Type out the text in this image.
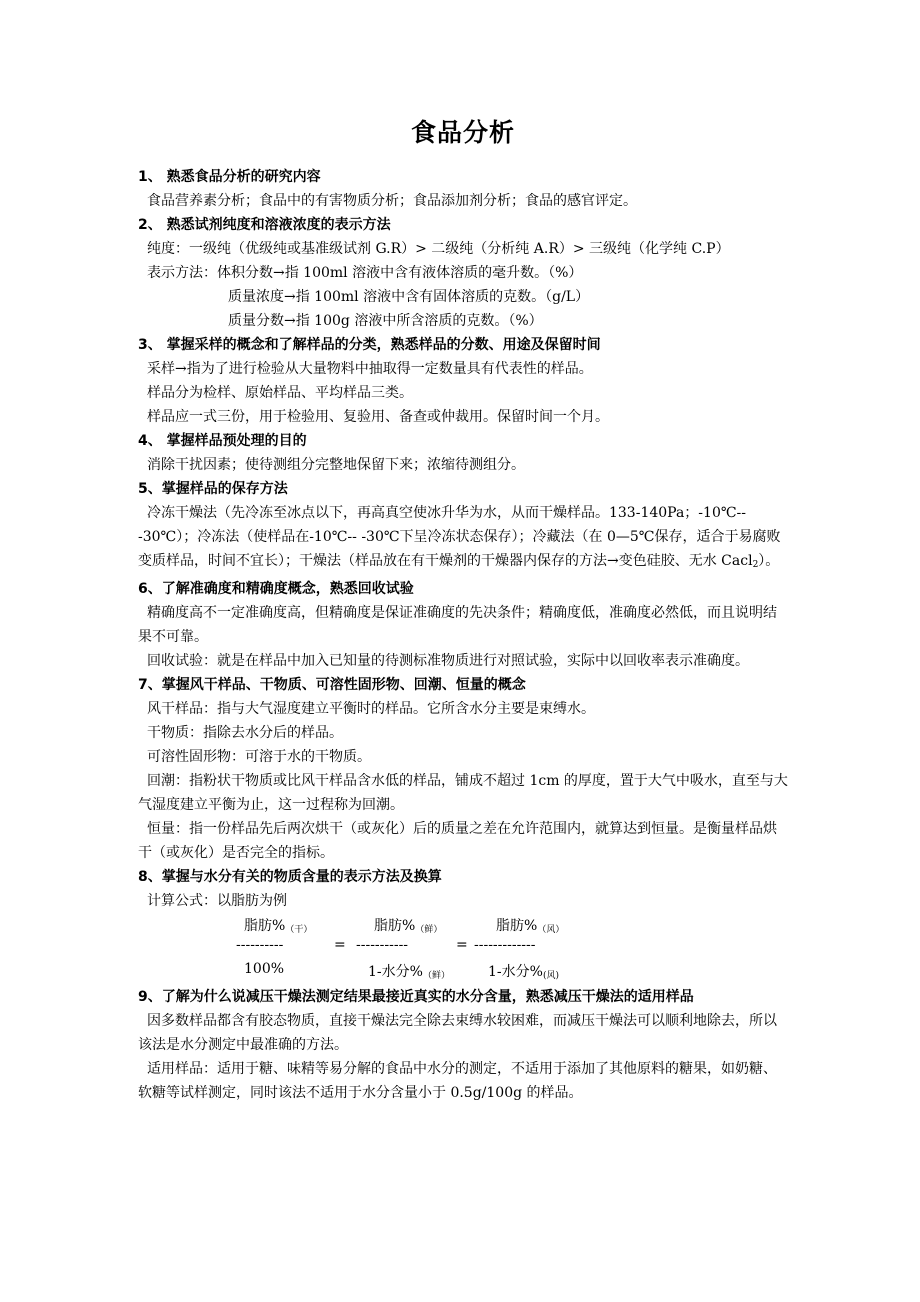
食品分析
1、 熟悉食品分析的研究内容
食品营养素分析；食品中的有害物质分析；食品添加剂分析；食品的感官评定。
2、 熟悉试剂纯度和溶液浓度的表示方法
纯度：一级纯（优级纯或基准级试剂 G.R）> 二级纯（分析纯 A.R）> 三级纯（化学纯 C.P）
表示方法：体积分数→指 100ml 溶液中含有液体溶质的毫升数。（%）
质量浓度→指 100ml 溶液中含有固体溶质的克数。（g/L）
质量分数→指 100g 溶液中所含溶质的克数。（%）
3、 掌握采样的概念和了解样品的分类，熟悉样品的分数、用途及保留时间
采样→指为了进行检验从大量物料中抽取得一定数量具有代表性的样品。
样品分为检样、原始样品、平均样品三类。
样品应一式三份，用于检验用、复验用、备查或仲裁用。保留时间一个月。
4、 掌握样品预处理的目的
消除干扰因素；使待测组分完整地保留下来；浓缩待测组分。
5、掌握样品的保存方法
冷冻干燥法（先冷冻至冰点以下，再高真空使冰升华为水，从而干燥样品。133-140Pa；-10℃-- -30℃）；冷冻法（使样品在-10℃-- -30℃下呈冷冻状态保存）；冷藏法（在 0—5℃保存，适合于易腐败变质样品，时间不宜长）；干燥法（样品放在有干燥剂的干燥器内保存的方法→变色硅胶、无水 Cacl$_2$）。
6、了解准确度和精确度概念，熟悉回收试验
精确度高不一定准确度高，但精确度是保证准确度的先决条件；精确度低，准确度必然低，而且说明结果不可靠。
回收试验：就是在样品中加入已知量的待测标准物质进行对照试验，实际中以回收率表示准确度。
7、掌握风干样品、干物质、可溶性固形物、回潮、恒量的概念
风干样品：指与大气湿度建立平衡时的样品。它所含水分主要是束缚水。
干物质：指除去水分后的样品。
可溶性固形物：可溶于水的干物质。
回潮：指粉状干物质或比风干样品含水低的样品，铺成不超过 1cm 的厚度，置于大气中吸水，直至与大气湿度建立平衡为止，这一过程称为回潮。
恒量：指一份样品先后两次烘干（或灰化）后的质量之差在允许范围内，就算达到恒量。是衡量样品烘干（或灰化）是否完全的指标。
8、掌握与水分有关的物质含量的表示方法及换算
计算公式：以脂肪为例
脂肪$\%_{(干)}$	脂肪$\%_{(鲜)}$	脂肪$\%_{(风)}$
----------	= -----------	= -------------
100%	1-水分$\%_{(鲜)}$	1-水分$\%_{(风)}$
9、了解为什么说减压干燥法测定结果最接近真实的水分含量，熟悉减压干燥法的适用样品
因多数样品都含有胶态物质，直接干燥法完全除去束缚水较困难，而减压干燥法可以顺利地除去，所以该法是水分测定中最准确的方法。
适用样品：适用于糖、味精等易分解的食品中水分的测定，不适用于添加了其他原料的糖果，如奶糖、软糖等试样测定，同时该法不适用于水分含量小于 0.5g/100g 的样品。
